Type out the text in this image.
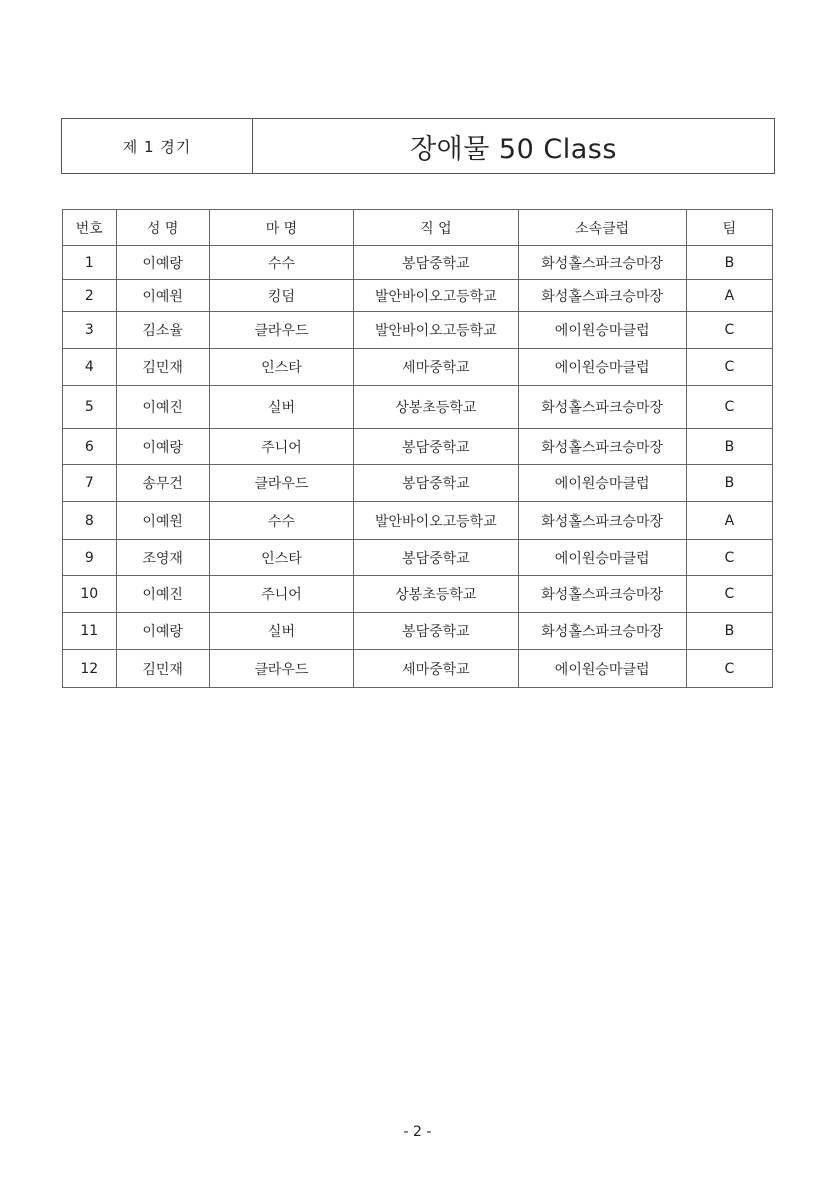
제 1 경기	장애물 50 Class
번호	성 명	마 명	직 업	소속클럽	팀
1	이예랑	수수	봉담중학교	화성홀스파크승마장	B
2	이예원	킹덤	발안바이오고등학교	화성홀스파크승마장	A
3	김소율	클라우드	발안바이오고등학교	에이원승마클럽	C
4	김민재	인스타	세마중학교	에이원승마클럽	C
5	이예진	실버	상봉초등학교	화성홀스파크승마장	C
6	이예랑	주니어	봉담중학교	화성홀스파크승마장	B
7	송무건	클라우드	봉담중학교	에이원승마클럽	B
8	이예원	수수	발안바이오고등학교	화성홀스파크승마장	A
9	조영재	인스타	봉담중학교	에이원승마클럽	C
10	이예진	주니어	상봉초등학교	화성홀스파크승마장	C
11	이예랑	실버	봉담중학교	화성홀스파크승마장	B
12	김민재	클라우드	세마중학교	에이원승마클럽	C
- 2 -
